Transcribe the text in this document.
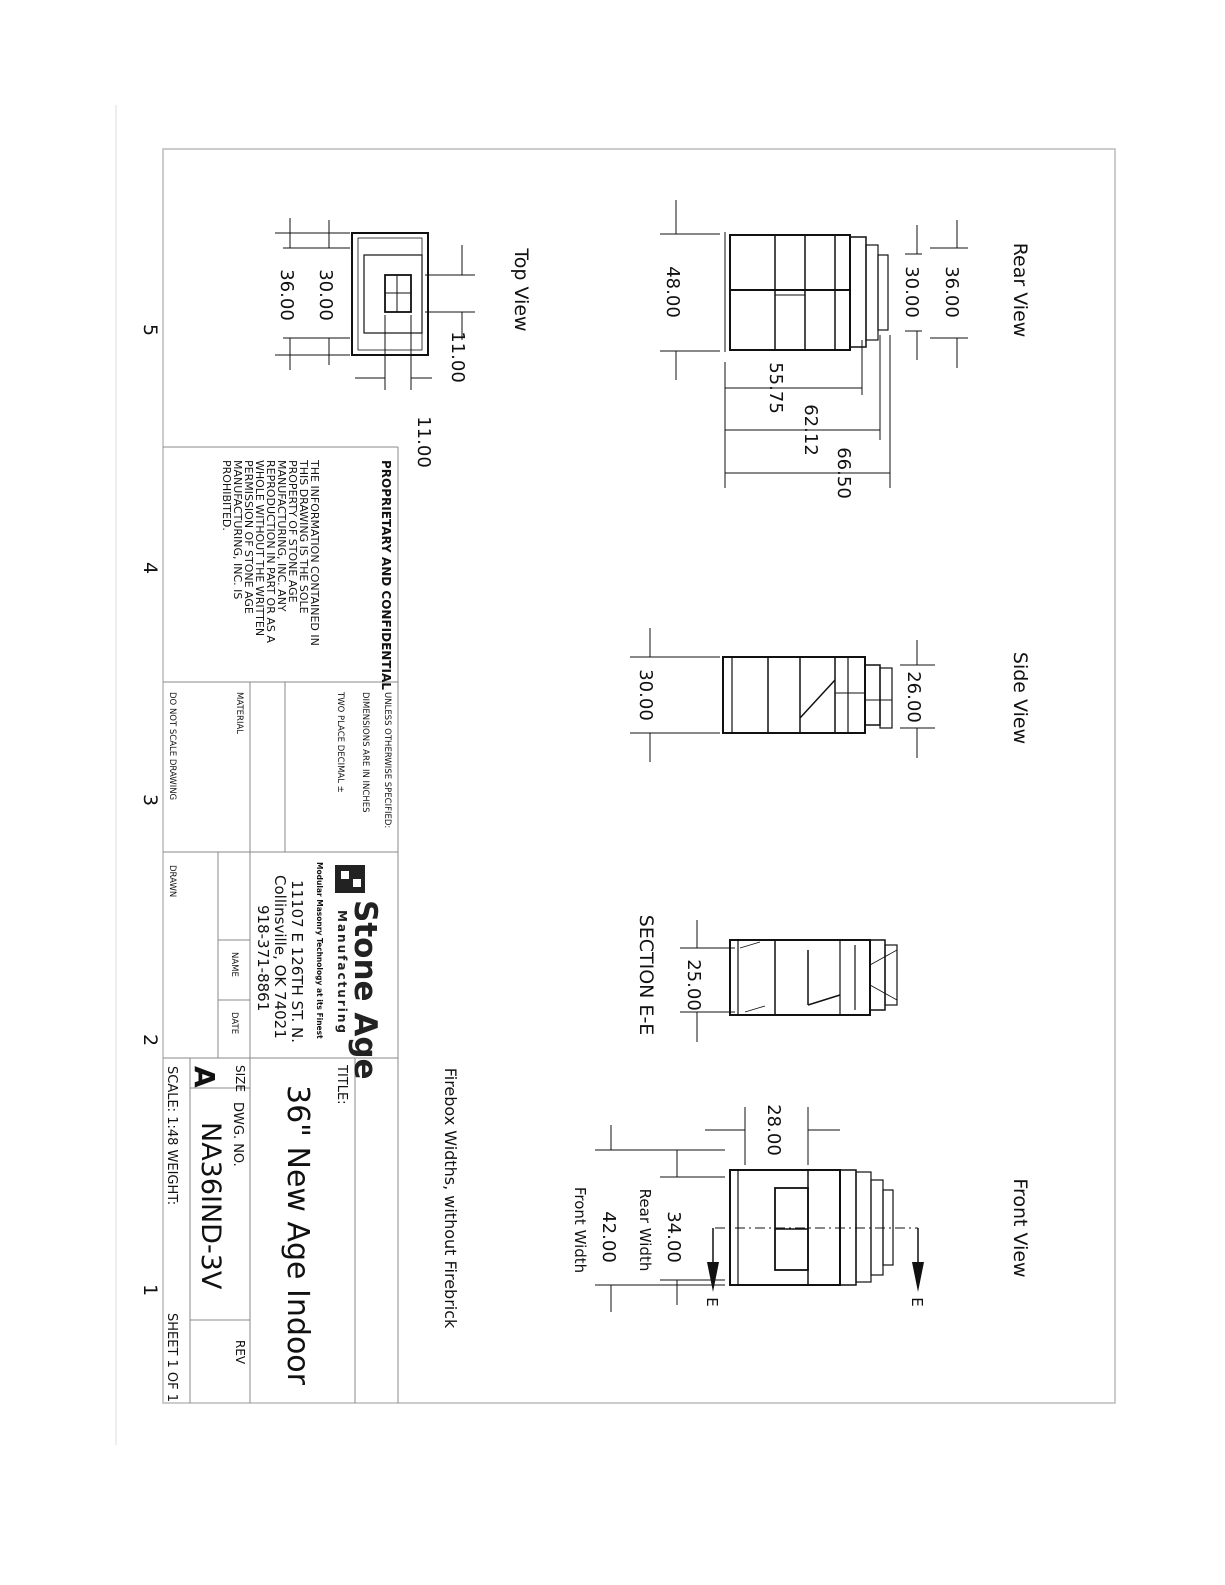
5
4
3
2
1
Rear View
36.00
30.00
48.00
55.75
62.12
66.50
Side View
26.00
30.00
SECTION E-E 25.00
Front View
28.00
34.00
Rear Width
42.00
Front Width
E	E
Firebox Widths, without Firebrick
Top View
36.00 30.00
11.00
11.00
PROPRIETARY AND CONFIDENTIAL
THE INFORMATION CONTAINED IN
THIS DRAWING IS THE SOLE
PROPERTY OF STONE AGE
MANUFACTURING, INC. ANY
REPRODUCTION IN PART OR AS A
WHOLE WITHOUT THE WRITTEN
PERMISSION OF STONE AGE
MANUFACTURING, INC. IS
PROHIBITED.
UNLESS OTHERWISE SPECIFIED:
DIMENSIONS ARE IN INCHES
TWO PLACE DECIMAL ±
MATERIAL
DO NOT SCALE DRAWING
Stone Age
Manufacturing
Modular Masonry Technology at its Finest
11107 E 126TH ST. N.
Collinsville, OK 74021
918-371-8861
NAME
DATE
DRAWN
TITLE:
36" New Age Indoor
SIZE
A
DWG. NO.
NA36IND-3V
REV
SCALE: 1:48 WEIGHT:
SHEET 1 OF 1
